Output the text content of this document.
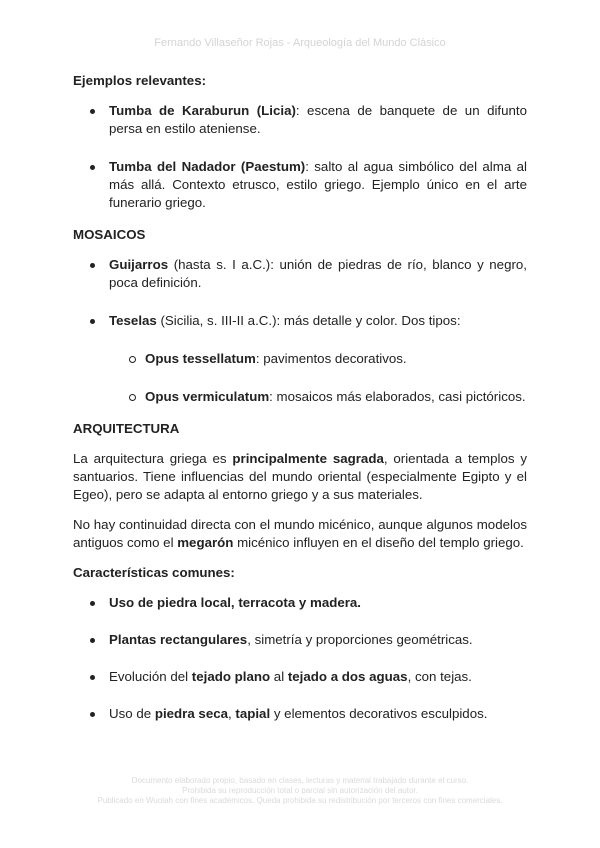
Fernando Villaseñor Rojas - Arqueología del Mundo Clásico

Ejemplos relevantes:

Tumba de Karaburun (Licia): escena de banquete de un difunto persa en estilo ateniense.
Tumba del Nadador (Paestum): salto al agua simbólico del alma al más allá. Contexto etrusco, estilo griego. Ejemplo único en el arte funerario griego.

MOSAICOS

Guijarros (hasta s. I a.C.): unión de piedras de río, blanco y negro, poca definición.
Teselas (Sicilia, s. III-II a.C.): más detalle y color. Dos tipos:
Opus tessellatum: pavimentos decorativos.
Opus vermiculatum: mosaicos más elaborados, casi pictóricos.

ARQUITECTURA

La arquitectura griega es principalmente sagrada, orientada a templos y santuarios. Tiene influencias del mundo oriental (especialmente Egipto y el Egeo), pero se adapta al entorno griego y a sus materiales.

No hay continuidad directa con el mundo micénico, aunque algunos modelos antiguos como el megarón micénico influyen en el diseño del templo griego.

Características comunes:

Uso de piedra local, terracota y madera.
Plantas rectangulares, simetría y proporciones geométricas.
Evolución del tejado plano al tejado a dos aguas, con tejas.
Uso de piedra seca, tapial y elementos decorativos esculpidos.
Documento elaborado propio, basado en clases, lecturas y material trabajado durante el curso.
Prohibida su reproducción total o parcial sin autorización del autor.
Publicado en Wuolah con fines académicos. Queda prohibida su redistribución por terceros con fines comerciales.
